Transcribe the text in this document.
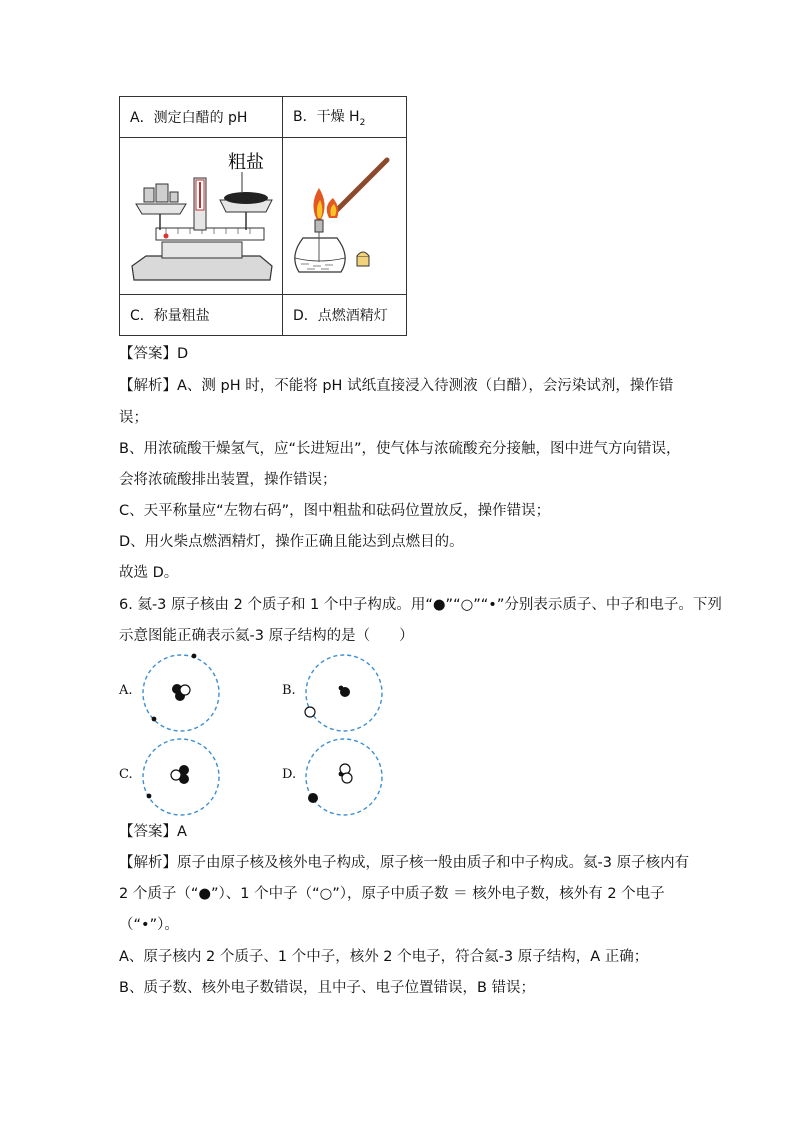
A．测定白醋的 pH	B．干燥 $H_2$

粗盐

C．称量粗盐	D．点燃酒精灯
【答案】D
【解析】A、测 pH 时，不能将 pH 试纸直接浸入待测液（白醋），会污染试剂，操作错
误；
B、用浓硫酸干燥氢气，应“长进短出”，使气体与浓硫酸充分接触，图中进气方向错误，
会将浓硫酸排出装置，操作错误；
C、天平称量应“左物右码”，图中粗盐和砝码位置放反，操作错误；
D、用火柴点燃酒精灯，操作正确且能达到点燃目的。
故选 D。
6. 氦-3 原子核由 2 个质子和 1 个中子构成。用“●”“○”“•”分别表示质子、中子和电子。下列
示意图能正确表示氦-3 原子结构的是（　　）
A.	B.
C.	D.
【答案】A
【解析】原子由原子核及核外电子构成，原子核一般由质子和中子构成。氦-3 原子核内有
2 个质子（“●”）、1 个中子（“○”），原子中质子数 ＝ 核外电子数，核外有 2 个电子
（“•”）。
A、原子核内 2 个质子、1 个中子，核外 2 个电子，符合氦-3 原子结构，A 正确；
B、质子数、核外电子数错误，且中子、电子位置错误，B 错误；
